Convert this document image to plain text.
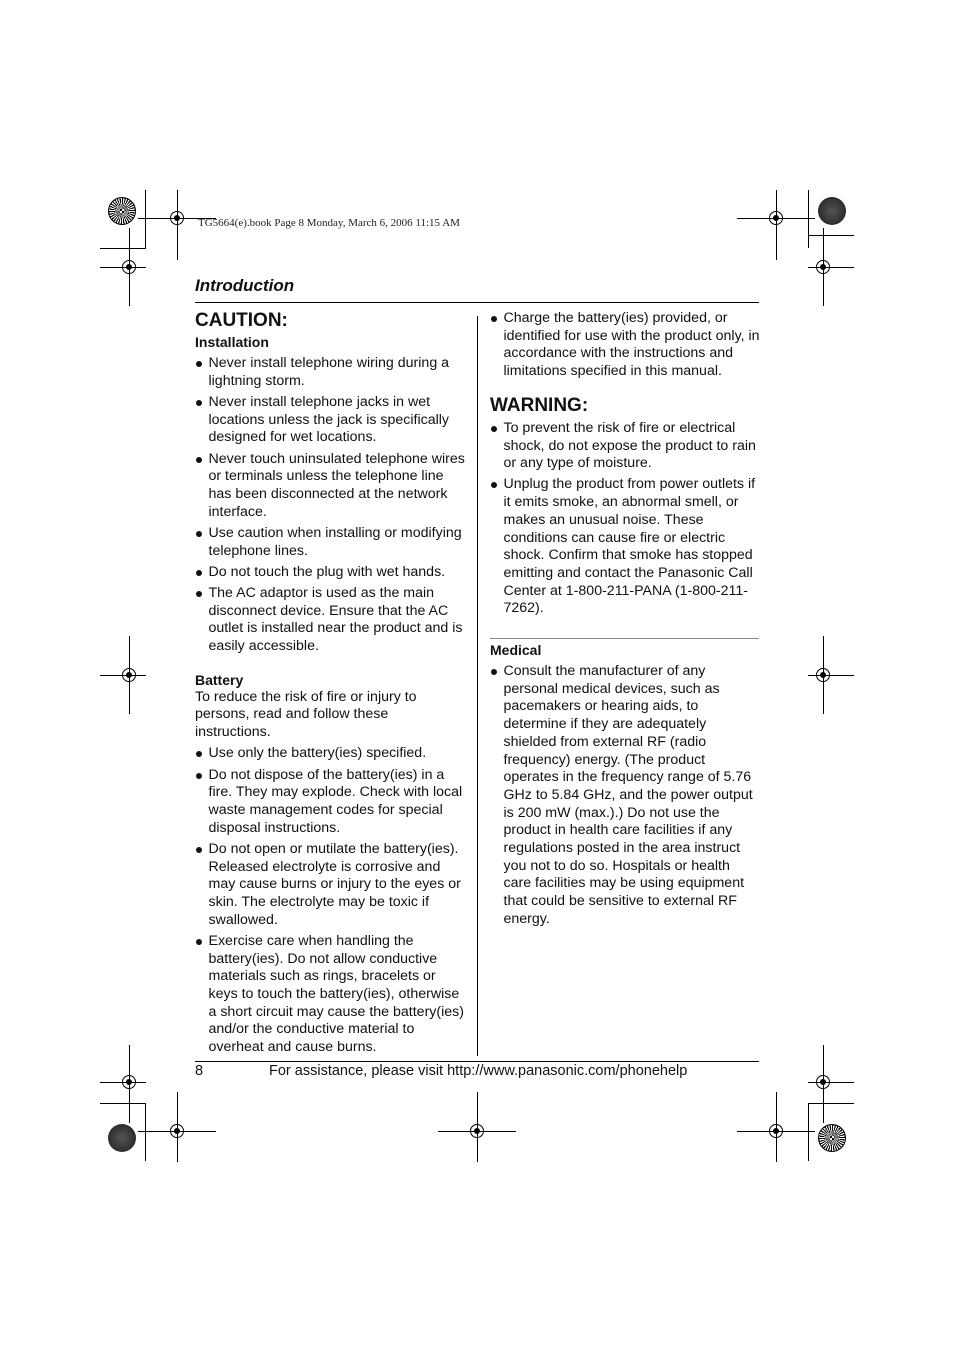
TG5664(e).book Page 8 Monday, March 6, 2006 11:15 AM
Introduction
CAUTION:
Installation
Never install telephone wiring during a lightning storm.
Never install telephone jacks in wet locations unless the jack is specifically designed for wet locations.
Never touch uninsulated telephone wires or terminals unless the telephone line has been disconnected at the network interface.
Use caution when installing or modifying telephone lines.
Do not touch the plug with wet hands.
The AC adaptor is used as the main disconnect device. Ensure that the AC outlet is installed near the product and is easily accessible.
Battery

To reduce the risk of fire or injury to persons, read and follow these instructions.

Use only the battery(ies) specified.
Do not dispose of the battery(ies) in a fire. They may explode. Check with local waste management codes for special disposal instructions.
Do not open or mutilate the battery(ies). Released electrolyte is corrosive and may cause burns or injury to the eyes or skin. The electrolyte may be toxic if swallowed.
Exercise care when handling the battery(ies). Do not allow conductive materials such as rings, bracelets or keys to touch the battery(ies), otherwise a short circuit may cause the battery(ies) and/or the conductive material to overheat and cause burns.
Charge the battery(ies) provided, or identified for use with the product only, in accordance with the instructions and limitations specified in this manual.
WARNING:
To prevent the risk of fire or electrical shock, do not expose the product to rain or any type of moisture.
Unplug the product from power outlets if it emits smoke, an abnormal smell, or makes an unusual noise. These conditions can cause fire or electric shock. Confirm that smoke has stopped emitting and contact the Panasonic Call Center at 1-800-211-PANA (1-800-211-7262).
Medical
Consult the manufacturer of any personal medical devices, such as pacemakers or hearing aids, to determine if they are adequately shielded from external RF (radio frequency) energy. (The product operates in the frequency range of 5.76 GHz to 5.84 GHz, and the power output is 200 mW (max.).) Do not use the product in health care facilities if any regulations posted in the area instruct you not to do so. Hospitals or health care facilities may be using equipment that could be sensitive to external RF energy.
8	For assistance, please visit http://www.panasonic.com/phonehelp
